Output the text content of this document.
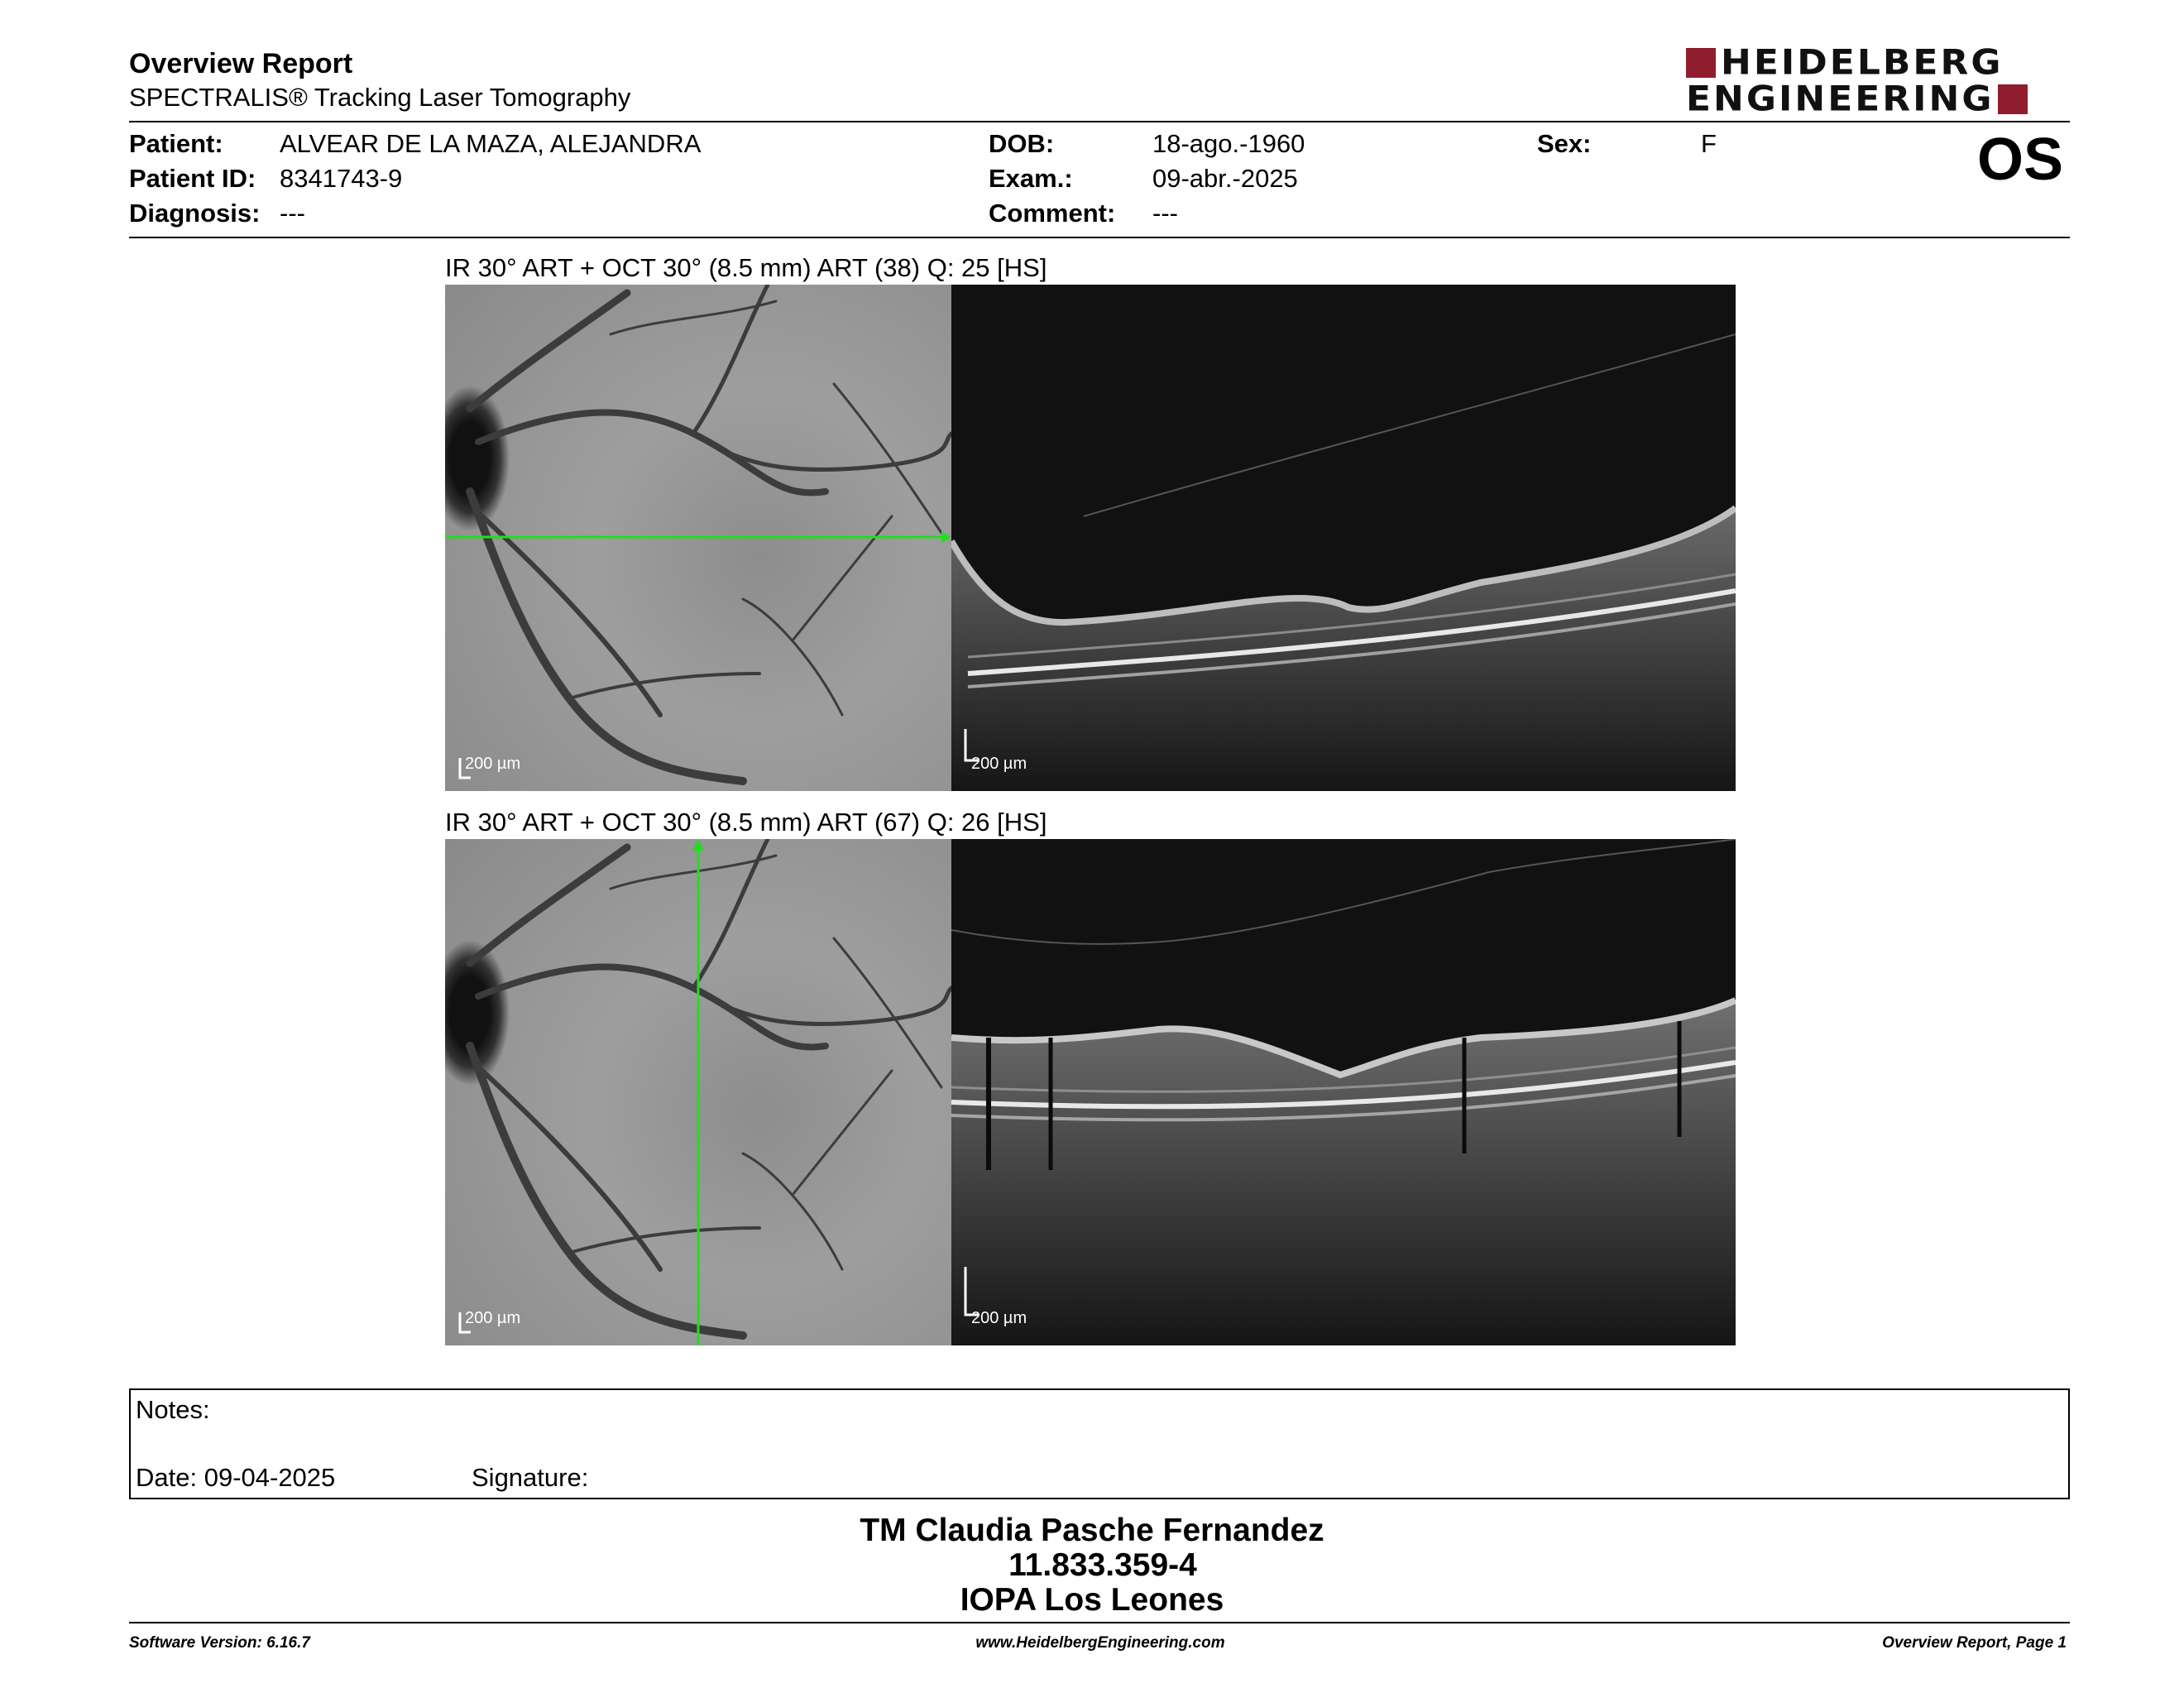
Overview Report
SPECTRALIS® Tracking Laser Tomography
HEIDELBERG
ENGINEERING
Patient: ALVEAR DE LA MAZA, ALEJANDRA
Patient ID: 8341743-9
Diagnosis: ---
DOB:	18-ago.-1960
Exam.:	09-abr.-2025
Comment: ---
Sex:	F	OS
IR 30° ART + OCT 30° (8.5 mm) ART (38) Q: 25 [HS]
200 µm	200 µm
IR 30° ART + OCT 30° (8.5 mm) ART (67) Q: 26 [HS]
200 µm	200 µm
Notes:
Date: 09-04-2025	Signature:
TM Claudia Pasche Fernandez
11.833.359-4
IOPA Los Leones
Software Version: 6.16.7	www.HeidelbergEngineering.com	Overview Report, Page 1
